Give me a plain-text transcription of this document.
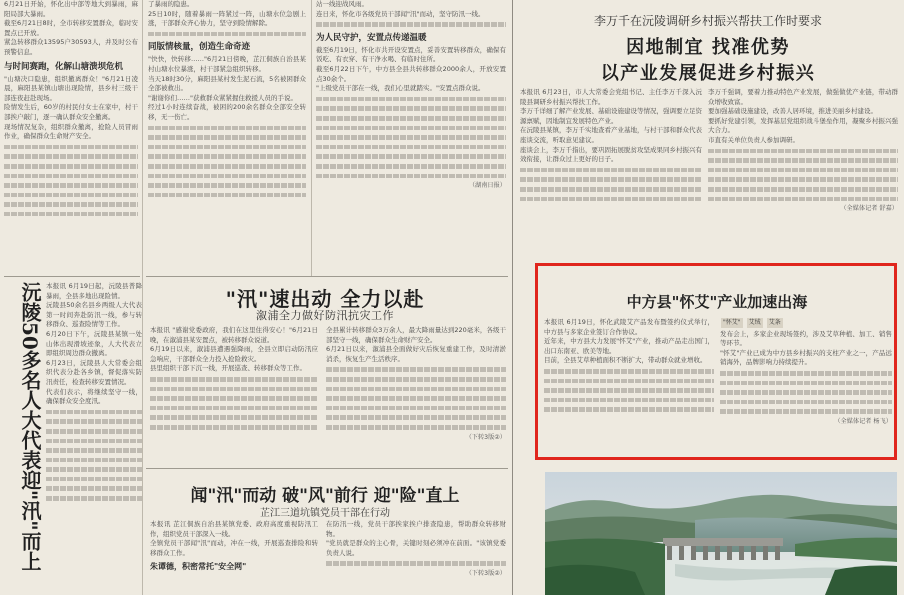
6月21日开始，怀化出中部等地大到暴雨，麻阳局部大暴雨。

截至6月21日8时，全市转移安置群众，临时安置点已开放。

紧急转移群众13595户30593人，并及时公布预警信息。

与时间赛跑，化解山塘溃坝危机

"山塘决口隐患，组织撤离群众！"6月21日凌晨，麻阳县某镇山塘出现险情，县乡村三级干部连夜赶赴现场。

险情发生后，60岁的村民付女士在家中，村干部挨户敲门，逐一确认群众安全撤离。

现场情况复杂，组织群众撤离，抢险人员冒雨作业，确保群众生命财产安全。

沅陵50多名人大代表迎"汛"而上 本报讯 6月19日起，沅陵县普降暴雨，全县多地出现险情。

沅陵县50余名县乡两级人大代表第一时间奔赴防汛一线，参与转移群众、巡查险情等工作。

6月20日下午，沅陵县某镇一处山体出现滑坡迹象，人大代表立即组织周边群众撤离。

6月23日，沅陵县人大常委会组织代表分赴各乡镇，督促落实防汛责任，检查转移安置情况。

代表们表示，将继续坚守一线，确保群众安全度汛。

了暴雨的隐患。

25日10时，随着暴雨一阵紧过一阵，山塘水位急剧上涨，干部群众齐心协力，坚守到险情解除。

同版情核量，创造生命奇迹

"快快，快转移……"6月21日傍晚，芷江侗族自治县某村山塘水位暴涨，村干部紧急组织转移。

当天18时30分，麻阳县某村发生泥石流，5名被困群众全部被救出。

"谢谢你们……"获救群众紧紧握住救援人员的手说。

经过1小时连续奋战，被困的200余名群众全部安全转移，无一伤亡。

站一线迎战风雨。

连日来，怀化市各级党员干部闻"汛"而动，坚守防汛一线。

为人民守护，安置点传递温暖

截至6月19日，怀化市共开设安置点，妥善安置转移群众，确保有饭吃、有衣穿、有干净水喝、有临时住所。

截至6月22日下午，中方县全县共转移群众2000余人，开放安置点30余个。

"上级党员干部在一线，我们心里就踏实。"安置点群众说。

（湖南日报）

"汛"速出动 全力以赴
溆浦全力做好防汛抗灾工作

本报讯 "感谢党委政府，我们在这里住得安心！"6月21日晚，在溆浦县某安置点，被转移群众说道。

6月19日以来，溆浦县遭遇强降雨，全县立即启动防汛应急响应，干部群众全力投入抢险救灾。

县里组织干部下沉一线，开展巡查、转移群众等工作。

全县累计转移群众3万余人，最大降雨量达到220毫米，各级干部坚守一线，确保群众生命财产安全。

6月21日以来，溆浦县全面做好灾后恢复重建工作，及时清淤消杀，恢复生产生活秩序。

（下转3版②）

闻"汛"而动 破"风"前行 迎"险"直上
芷江三道坑镇党员干部在行动

本报讯 芷江侗族自治县某镇党委、政府高度重视防汛工作，组织党员干部深入一线。

全镇党员干部闻"汛"而动，冲在一线，开展巡查排险和转移群众工作。

朱谭德，积密常托"安全网"

在防汛一线，党员干部挨家挨户排查隐患，帮助群众转移财物。

"党员就是群众的主心骨，关键时刻必须冲在前面。"该镇党委负责人说。

（下转3版②）

李万千在沅陵调研乡村振兴帮扶工作时要求
因地制宜 找准优势
以产业发展促进乡村振兴

本报讯 6月23日，市人大常委会党组书记、主任李万千深入沅陵县调研乡村振兴帮扶工作。

李万千详细了解产业发展、基础设施建设等情况，强调要立足资源禀赋，因地制宜发展特色产业。

在沅陵县某镇，李万千实地查看产业基地，与村干部和群众代表座谈交流，听取意见建议。

座谈会上，李万千指出，要巩固拓展脱贫攻坚成果同乡村振兴有效衔接，让群众过上更好的日子。

李万千强调，要着力推动特色产业发展，做强做优产业链，带动群众增收致富。

要加强基础设施建设，改善人居环境，推进美丽乡村建设。

要抓好党建引领，发挥基层党组织战斗堡垒作用，凝聚乡村振兴强大合力。

市直有关单位负责人参加调研。

（全媒体记者 舒嘉）

中方县"怀艾"产业加速出海

本报讯 6月19日，怀化武陵艾产品发布暨签约仪式举行，中方县与多家企业签订合作协议。

近年来，中方县大力发展"怀艾"产业，推动产品走出国门，出口东南亚、欧美等地。

目前，全县艾草种植面积不断扩大，带动群众就业增收。

"怀艾" 艾绒 艾条

发布会上，多家企业现场签约，涉及艾草种植、加工、销售等环节。

"怀艾"产业已成为中方县乡村振兴的支柱产业之一，产品远销海外，品牌影响力持续提升。

（全媒体记者 杨飞）
